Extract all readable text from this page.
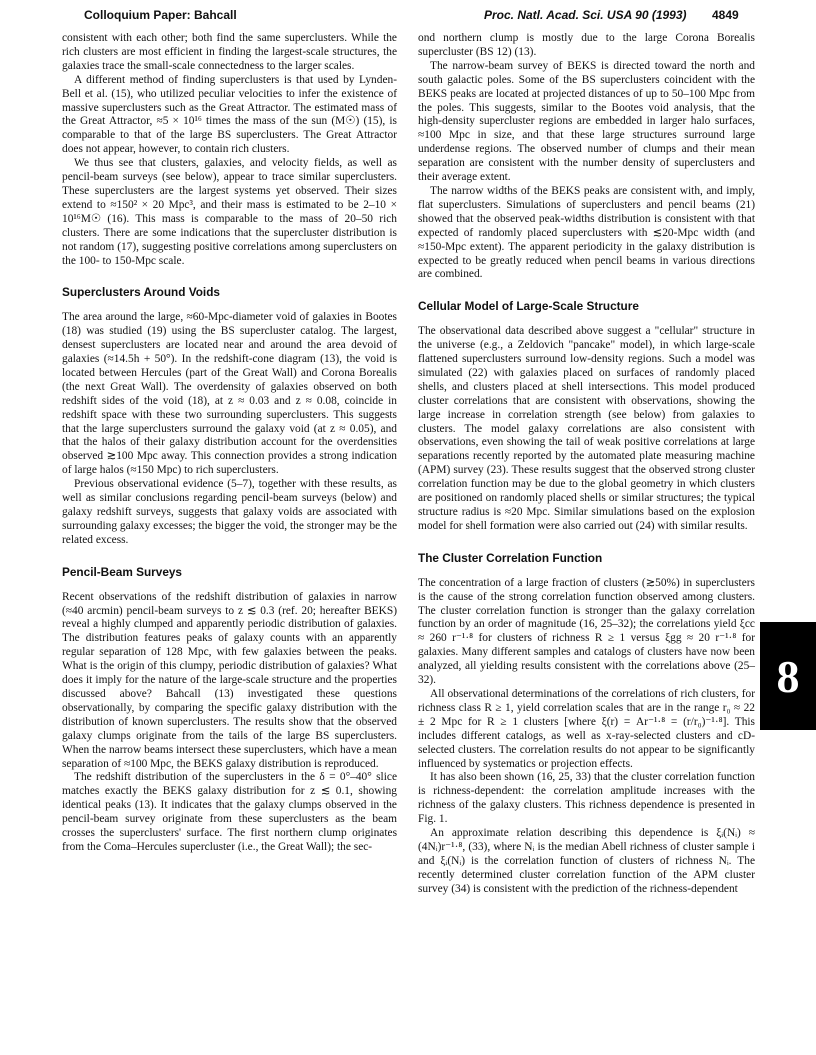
Colloquium Paper: Bahcall	Proc. Natl. Acad. Sci. USA 90 (1993) 4849

consistent with each other; both find the same superclusters. While the rich clusters are most efficient in finding the largest-scale structures, the galaxies trace the small-scale connectedness to the larger scales.

A different method of finding superclusters is that used by Lynden-Bell et al. (15), who utilized peculiar velocities to infer the existence of massive superclusters such as the Great Attractor. The estimated mass of the Great Attractor, ≈5 × 10¹⁶ times the mass of the sun (M☉) (15), is comparable to that of the large BS superclusters. The Great Attractor does not appear, however, to contain rich clusters.

We thus see that clusters, galaxies, and velocity fields, as well as pencil-beam surveys (see below), appear to trace similar superclusters. These superclusters are the largest systems yet observed. Their sizes extend to ≈150² × 20 Mpc³, and their mass is estimated to be 2–10 × 10¹⁶M☉ (16). This mass is comparable to the mass of 20–50 rich clusters. There are some indications that the supercluster distribution is not random (17), suggesting positive correlations among superclusters on the 100- to 150-Mpc scale.

Superclusters Around Voids

The area around the large, ≈60-Mpc-diameter void of galaxies in Bootes (18) was studied (19) using the BS supercluster catalog. The largest, densest superclusters are located near and around the area devoid of galaxies (≈14.5h + 50°). In the redshift-cone diagram (13), the void is located between Hercules (part of the Great Wall) and Corona Borealis (the next Great Wall). The overdensity of galaxies observed on both redshift sides of the void (18), at z ≈ 0.03 and z ≈ 0.08, coincide in redshift space with these two surrounding superclusters. This suggests that the large superclusters surround the galaxy void (at z ≈ 0.05), and that the halos of their galaxy distribution account for the overdensities observed ≳100 Mpc away. This connection provides a strong indication of large halos (≈150 Mpc) to rich superclusters.

Previous observational evidence (5–7), together with these results, as well as similar conclusions regarding pencil-beam surveys (below) and galaxy redshift surveys, suggests that galaxy voids are associated with surrounding galaxy excesses; the bigger the void, the stronger may be the related excess.

Pencil-Beam Surveys

Recent observations of the redshift distribution of galaxies in narrow (≈40 arcmin) pencil-beam surveys to z ≲ 0.3 (ref. 20; hereafter BEKS) reveal a highly clumped and apparently periodic distribution of galaxies. The distribution features peaks of galaxy counts with an apparently regular separation of 128 Mpc, with few galaxies between the peaks. What is the origin of this clumpy, periodic distribution of galaxies? What does it imply for the nature of the large-scale structure and the properties discussed above? Bahcall (13) investigated these questions observationally, by comparing the specific galaxy distribution with the distribution of known superclusters. The results show that the observed galaxy clumps originate from the tails of the large BS superclusters. When the narrow beams intersect these superclusters, which have a mean separation of ≈100 Mpc, the BEKS galaxy distribution is reproduced.

The redshift distribution of the superclusters in the δ = 0°–40° slice matches exactly the BEKS galaxy distribution for z ≲ 0.1, showing identical peaks (13). It indicates that the galaxy clumps observed in the pencil-beam survey originate from these superclusters as the beam crosses the superclusters' surface. The first northern clump originates from the Coma–Hercules supercluster (i.e., the Great Wall); the sec-

ond northern clump is mostly due to the large Corona Borealis supercluster (BS 12) (13).

The narrow-beam survey of BEKS is directed toward the north and south galactic poles. Some of the BS superclusters coincident with the BEKS peaks are located at projected distances of up to 50–100 Mpc from the poles. This suggests, similar to the Bootes void analysis, that the high-density supercluster regions are embedded in larger halo surfaces, ≈100 Mpc in size, and that these large structures surround large underdense regions. The observed number of clumps and their mean separation are consistent with the number density of superclusters and their average extent.

The narrow widths of the BEKS peaks are consistent with, and imply, flat superclusters. Simulations of superclusters and pencil beams (21) showed that the observed peak-widths distribution is consistent with that expected of randomly placed superclusters with ≲20-Mpc width (and ≈150-Mpc extent). The apparent periodicity in the galaxy distribution is expected to be greatly reduced when pencil beams in various directions are combined.

Cellular Model of Large-Scale Structure

The observational data described above suggest a "cellular" structure in the universe (e.g., a Zeldovich "pancake" model), in which large-scale flattened superclusters surround low-density regions. Such a model was simulated (22) with galaxies placed on surfaces of randomly placed shells, and clusters placed at shell intersections. This model produced cluster correlations that are consistent with observations, showing the large increase in correlation strength (see below) from galaxies to clusters. The model galaxy correlations are also consistent with observations, even showing the tail of weak positive correlations at large separations recently reported by the automated plate measuring machine (APM) survey (23). These results suggest that the observed strong cluster correlation function may be due to the global geometry in which clusters are positioned on randomly placed shells or similar structures; the typical structure radius is ≈20 Mpc. Similar simulations based on the explosion model for shell formation were also carried out (24) with similar results.

The Cluster Correlation Function

The concentration of a large fraction of clusters (≳50%) in superclusters is the cause of the strong correlation function observed among clusters. The cluster correlation function is stronger than the galaxy correlation function by an order of magnitude (16, 25–32); the correlations yield ξcc ≈ 260 r⁻¹·⁸ for clusters of richness R ≥ 1 versus ξgg ≈ 20 r⁻¹·⁸ for galaxies. Many different samples and catalogs of clusters have now been analyzed, all yielding results consistent with the correlations above (25–32).

All observational determinations of the correlations of rich clusters, for richness class R ≥ 1, yield correlation scales that are in the range r₀ ≈ 22 ± 2 Mpc for R ≥ 1 clusters [where ξ(r) = Ar⁻¹·⁸ = (r/r₀)⁻¹·⁸]. This includes different catalogs, as well as x-ray-selected clusters and cD-selected clusters. The correlation results do not appear to be significantly influenced by systematics or projection effects.

It has also been shown (16, 25, 33) that the cluster correlation function is richness-dependent: the correlation amplitude increases with the richness of the galaxy clusters. This richness dependence is presented in Fig. 1.

An approximate relation describing this dependence is ξᵢ(Nᵢ) ≈ (4Nᵢ)r⁻¹·⁸, (33), where Nᵢ is the median Abell richness of cluster sample i and ξᵢ(Nᵢ) is the correlation function of clusters of richness Nᵢ. The recently determined cluster correlation function of the APM cluster survey (34) is consistent with the prediction of the richness-dependent

8
